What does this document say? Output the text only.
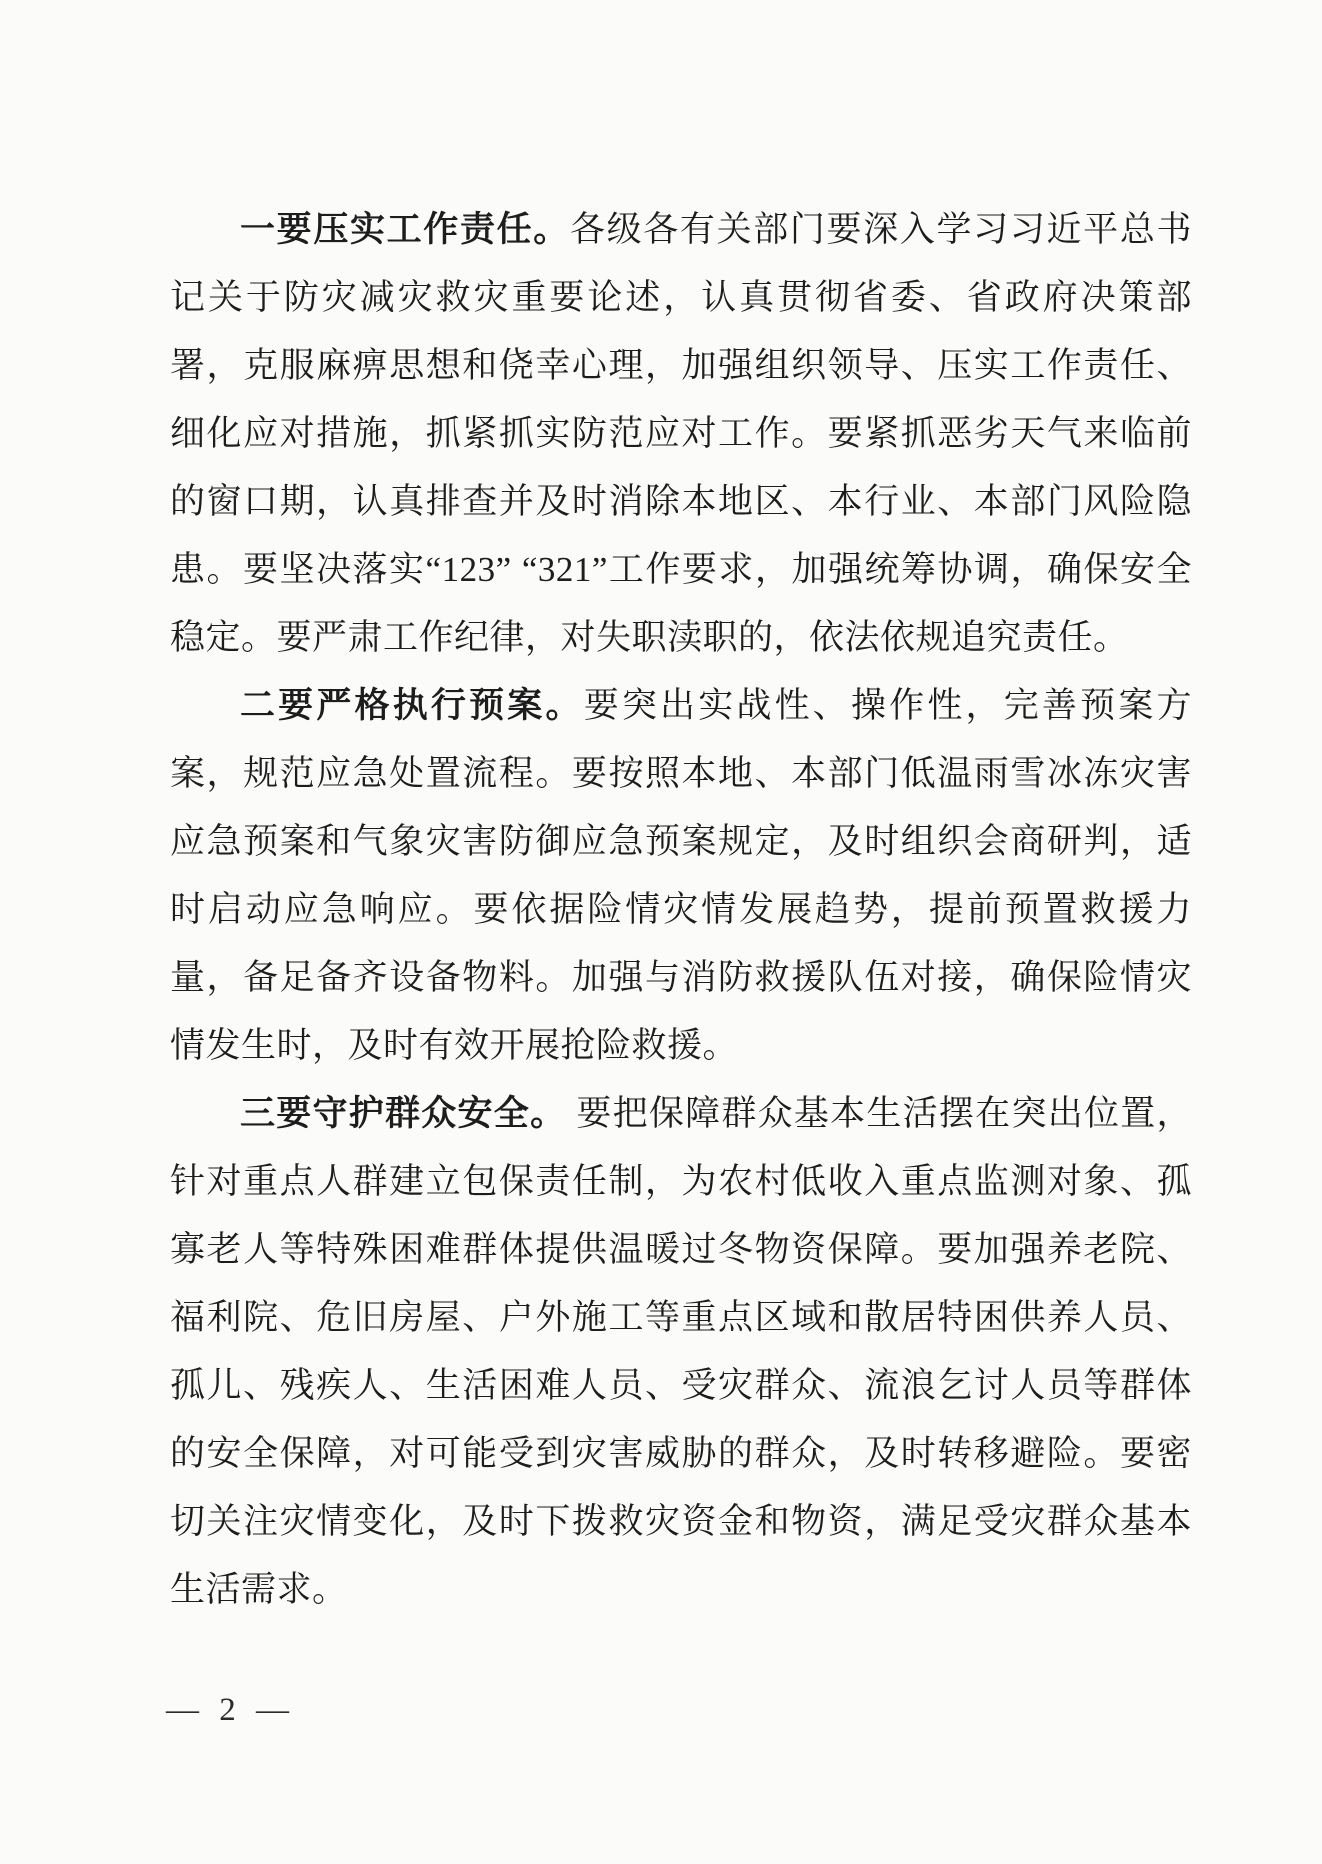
一要压实工作责任。各级各有关部门要深入学习习近平总书记关于防灾减灾救灾重要论述，认真贯彻省委、省政府决策部署，克服麻痹思想和侥幸心理，加强组织领导、压实工作责任、细化应对措施，抓紧抓实防范应对工作。要紧抓恶劣天气来临前的窗口期，认真排查并及时消除本地区、本行业、本部门风险隐患。要坚决落实“123” “321”工作要求，加强统筹协调，确保安全稳定。要严肃工作纪律，对失职渎职的，依法依规追究责任。

二要严格执行预案。要突出实战性、操作性，完善预案方案，规范应急处置流程。要按照本地、本部门低温雨雪冰冻灾害应急预案和气象灾害防御应急预案规定，及时组织会商研判，适时启动应急响应。要依据险情灾情发展趋势，提前预置救援力量，备足备齐设备物料。加强与消防救援队伍对接，确保险情灾情发生时，及时有效开展抢险救援。

三要守护群众安全。 要把保障群众基本生活摆在突出位置，针对重点人群建立包保责任制，为农村低收入重点监测对象、孤寡老人等特殊困难群体提供温暖过冬物资保障。要加强养老院、福利院、危旧房屋、户外施工等重点区域和散居特困供养人员、孤儿、残疾人、生活困难人员、受灾群众、流浪乞讨人员等群体的安全保障，对可能受到灾害威胁的群众，及时转移避险。要密切关注灾情变化，及时下拨救灾资金和物资，满足受灾群众基本生活需求。

— 2 —
